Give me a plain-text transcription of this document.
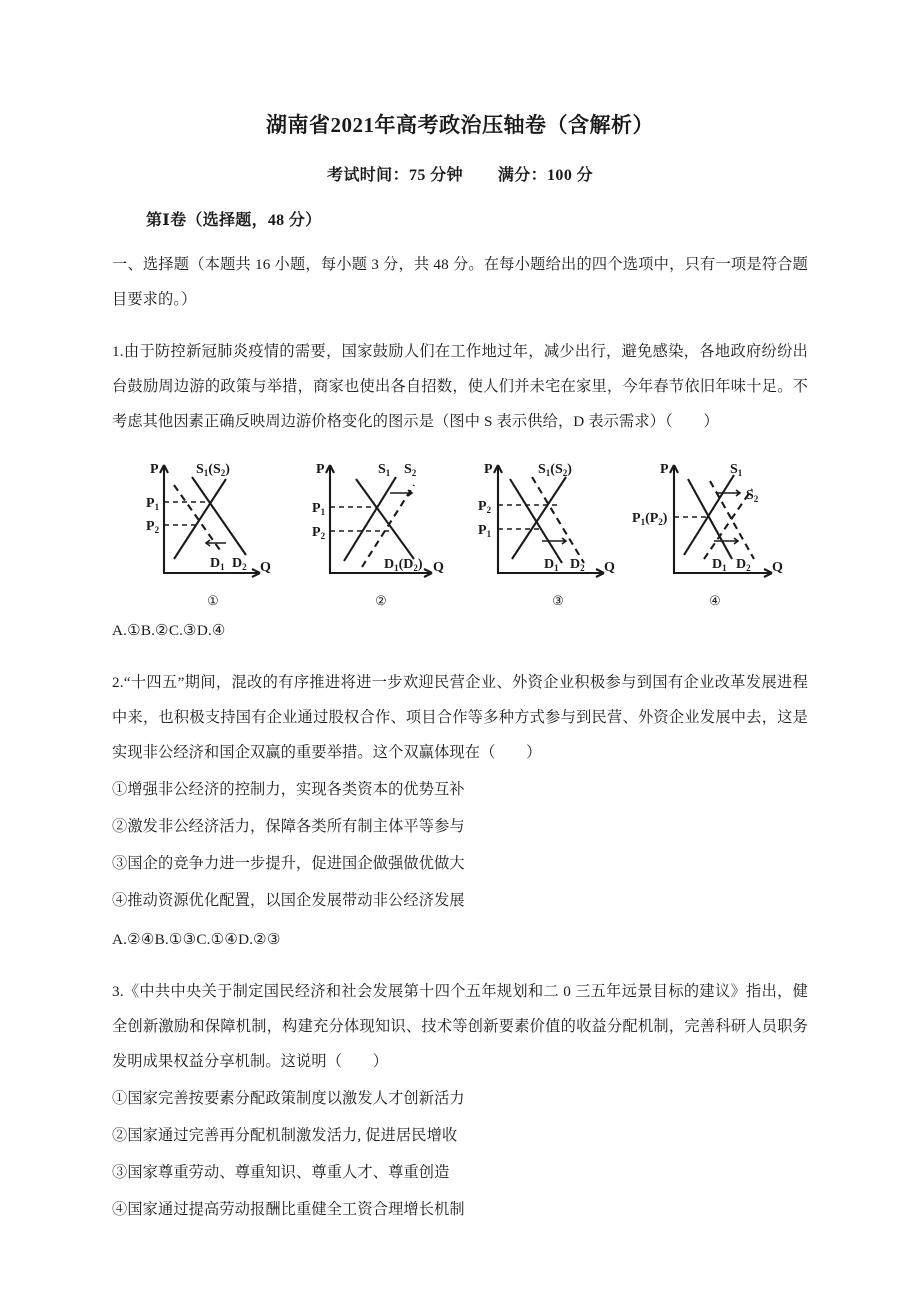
湖南省2021年高考政治压轴卷（含解析）
考试时间：75 分钟 满分：100 分
第Ⅰ卷（选择题，48 分）
一、选择题（本题共 16 小题，每小题 3 分，共 48 分。在每小题给出的四个选项中，只有一项是符合题目要求的。）
1.由于防控新冠肺炎疫情的需要，国家鼓励人们在工作地过年，减少出行，避免感染，各地政府纷纷出台鼓励周边游的政策与举措，商家也使出各自招数，使人们并未宅在家里，今年春节依旧年味十足。不考虑其他因素正确反映周边游价格变化的图示是（图中 S 表示供给，D 表示需求）（　　）
P
$P_1$
$P_2$
Q
$S_1(S_2)$
$D_1$ $D_2$
①
P
$P_1$
$P_2$
Q
$S_1$ $S_2$
$D_1(D_2)$
②
P
$P_2$
$P_1$
Q
$S_1(S_2)$
$D_1$ $D_2$
③
P
$P_1(P_2)$
Q
$S_1$
$S_2$
$D_1$ $D_2$
④
A.①B.②C.③D.④
2.“十四五”期间，混改的有序推进将进一步欢迎民营企业、外资企业积极参与到国有企业改革发展进程中来，也积极支持国有企业通过股权合作、项目合作等多种方式参与到民营、外资企业发展中去，这是实现非公经济和国企双赢的重要举措。这个双赢体现在（　　）
①增强非公经济的控制力，实现各类资本的优势互补
②激发非公经济活力，保障各类所有制主体平等参与
③国企的竞争力进一步提升，促进国企做强做优做大
④推动资源优化配置，以国企发展带动非公经济发展
A.②④B.①③C.①④D.②③
3.《中共中央关于制定国民经济和社会发展第十四个五年规划和二 0 三五年远景目标的建议》指出，健全创新激励和保障机制，构建充分体现知识、技术等创新要素价值的收益分配机制，完善科研人员职务发明成果权益分享机制。这说明（　　）
①国家完善按要素分配政策制度以激发人才创新活力
②国家通过完善再分配机制激发活力, 促进居民增收
③国家尊重劳动、尊重知识、尊重人才、尊重创造
④国家通过提高劳动报酬比重健全工资合理增长机制
